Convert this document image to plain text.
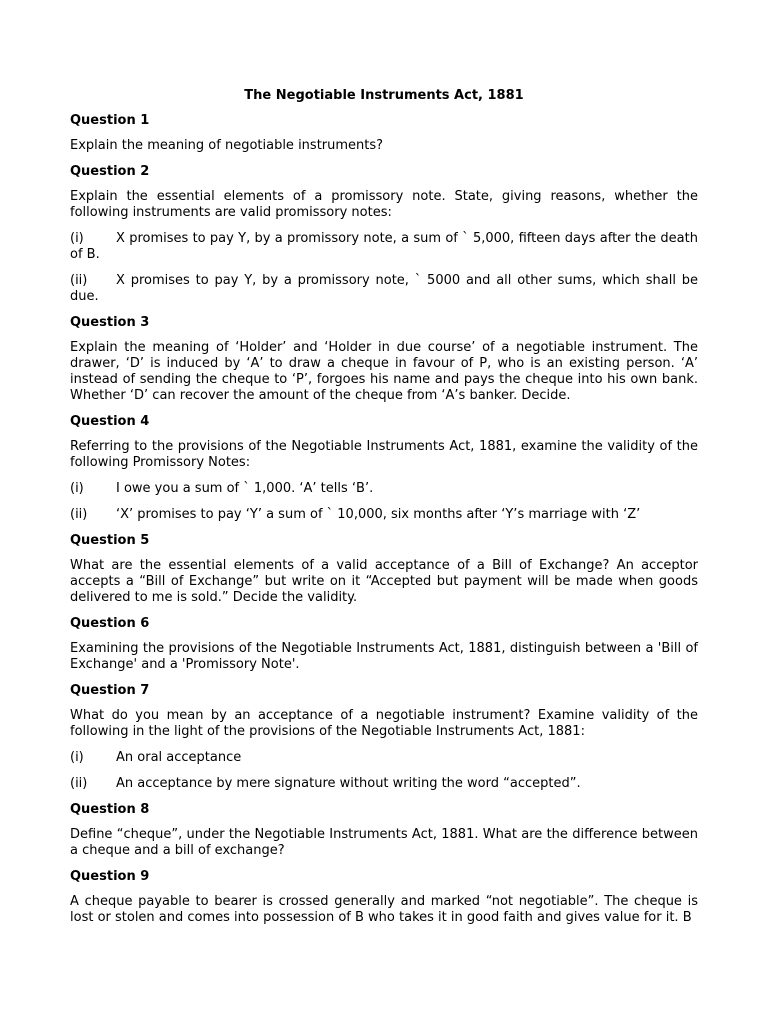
The Negotiable Instruments Act, 1881
Question 1
Explain the meaning of negotiable instruments?
Question 2
Explain the essential elements of a promissory note. State, giving reasons, whether the following instruments are valid promissory notes:
(i) X promises to pay Y, by a promissory note, a sum of ` 5,000, fifteen days after the death of B.
(ii) X promises to pay Y, by a promissory note, ` 5000 and all other sums, which shall be due.
Question 3
Explain the meaning of ‘Holder’ and ‘Holder in due course’ of a negotiable instrument. The drawer, ‘D’ is induced by ‘A’ to draw a cheque in favour of P, who is an existing person. ‘A’ instead of sending the cheque to ‘P’, forgoes his name and pays the cheque into his own bank. Whether ‘D’ can recover the amount of the cheque from ‘A’s banker. Decide.
Question 4
Referring to the provisions of the Negotiable Instruments Act, 1881, examine the validity of the following Promissory Notes:
(i) I owe you a sum of ` 1,000. ‘A’ tells ‘B’.
(ii) ‘X’ promises to pay ‘Y’ a sum of ` 10,000, six months after ‘Y’s marriage with ‘Z’
Question 5
What are the essential elements of a valid acceptance of a Bill of Exchange? An acceptor accepts a “Bill of Exchange” but write on it “Accepted but payment will be made when goods delivered to me is sold.” Decide the validity.
Question 6
Examining the provisions of the Negotiable Instruments Act, 1881, distinguish between a 'Bill of Exchange' and a 'Promissory Note'.
Question 7
What do you mean by an acceptance of a negotiable instrument? Examine validity of the following in the light of the provisions of the Negotiable Instruments Act, 1881:
(i) An oral acceptance
(ii) An acceptance by mere signature without writing the word “accepted”.
Question 8
Define “cheque”, under the Negotiable Instruments Act, 1881. What are the difference between a cheque and a bill of exchange?
Question 9
A cheque payable to bearer is crossed generally and marked “not negotiable”. The cheque is lost or stolen and comes into possession of B who takes it in good faith and gives value for it. B
